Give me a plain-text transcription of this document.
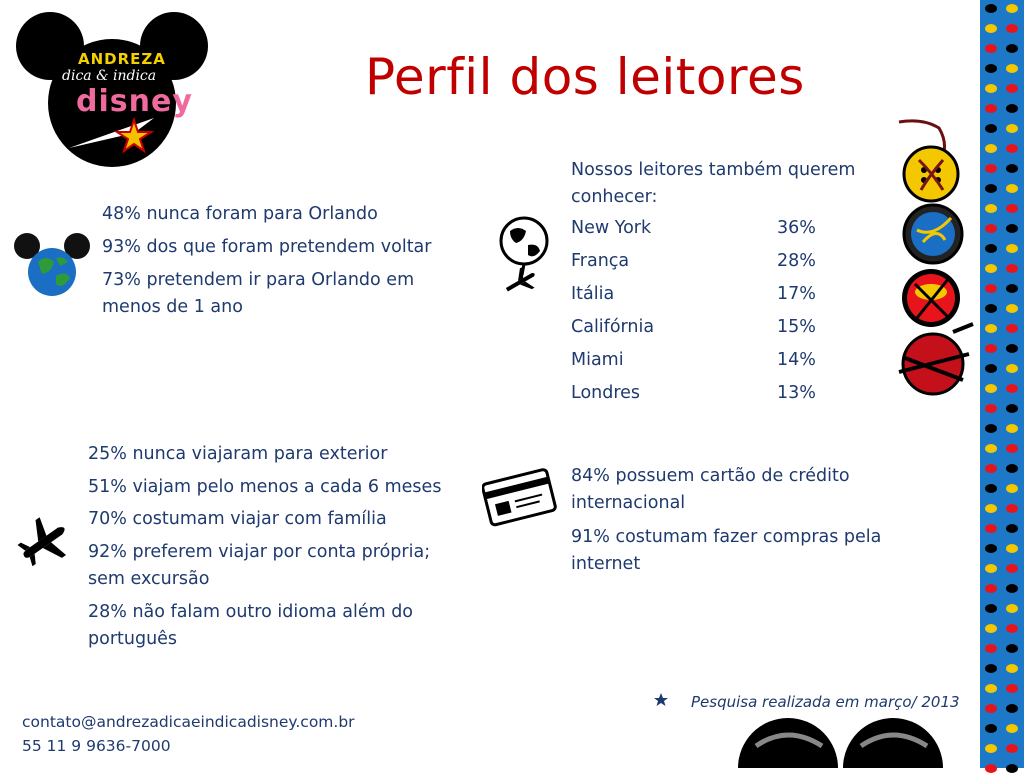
ANDREZA
dica & indica
disney	Perfil dos leitores
48% nunca foram para Orlando
93% dos que foram pretendem voltar
73% pretendem ir para Orlando em
menos de 1 ano
25% nunca viajaram para exterior
51% viajam pelo menos a cada 6 meses
70% costumam viajar com família
92% preferem viajar por conta própria;
sem excursão
28% não falam outro idioma além do
português
Nossos leitores também querem
conhecer:
New York	36%
França	28%
Itália	17%
Califórnia	15%
Miami	14%
Londres	13%
84% possuem cartão de crédito
internacional
91% costumam fazer compras pela
internet
Pesquisa realizada em março/ 2013
contato@andrezadicaeindicadisney.com.br
55 11 9 9636-7000
